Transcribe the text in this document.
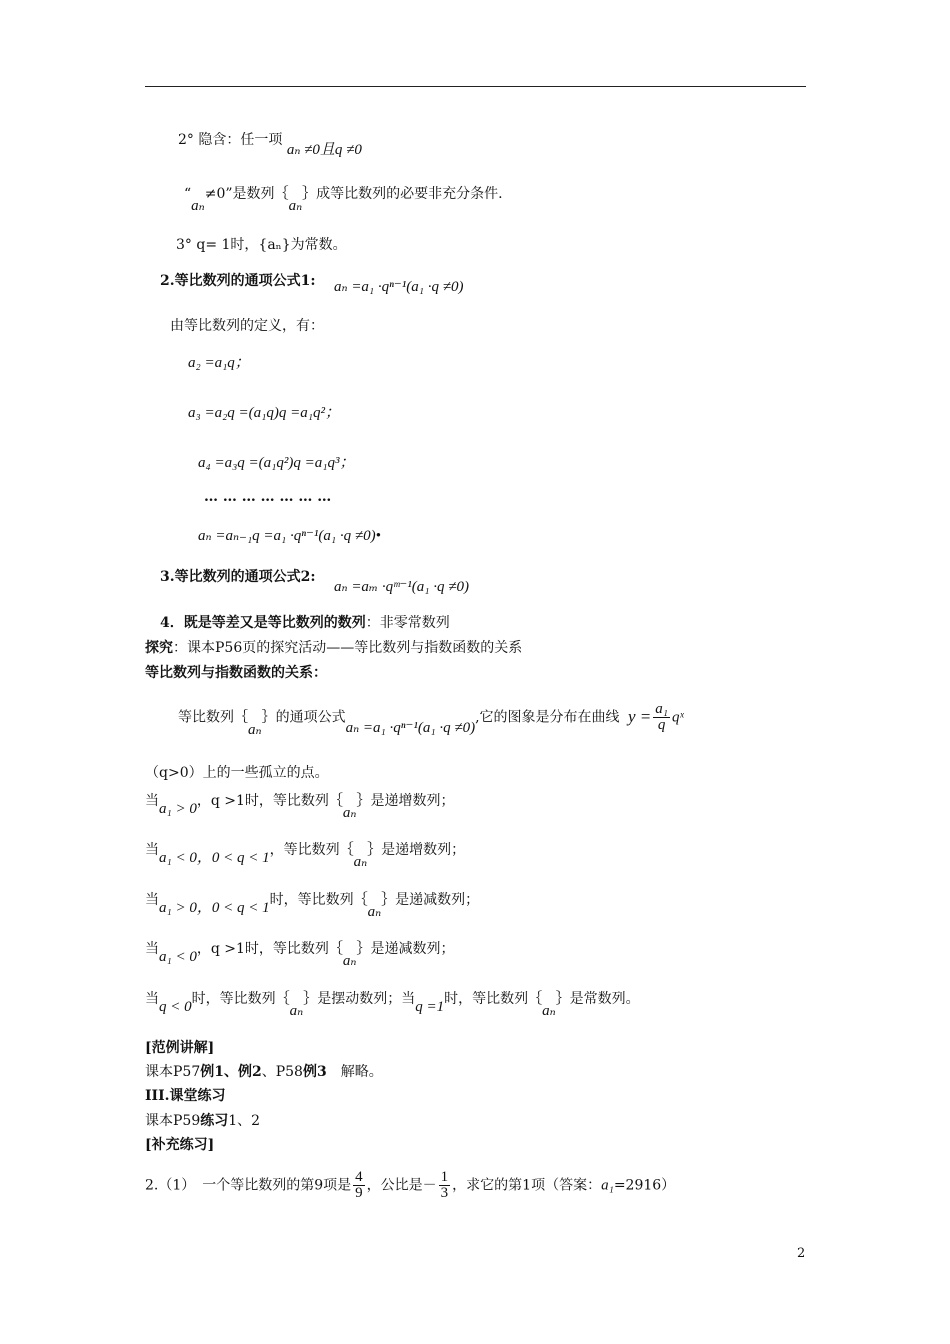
2° 隐含：任一项 aₙ ≠0且q ≠0
“aₙ≠0”是数列｛aₙ｝成等比数列的必要非充分条件.
3° q= 1时，{aₙ}为常数。
2.等比数列的通项公式1: aₙ =a₁ ·qⁿ⁻¹(a₁ ·q ≠0)
由等比数列的定义，有：
a₂ =a₁q；
a₃ =a₂q =(a₁q)q =a₁q²；
a₄ =a₃q =(a₁q²)q =a₁q³；
… … … … … … …
aₙ =aₙ₋₁q =a₁ ·qⁿ⁻¹(a₁ ·q ≠0)•
3.等比数列的通项公式2: aₙ =aₘ ·qᵐ⁻¹(a₁ ·q ≠0)
4．既是等差又是等比数列的数列：非零常数列
探究：课本P56页的探究活动——等比数列与指数函数的关系
等比数列与指数函数的关系：
等比数列｛aₙ｝的通项公式aₙ =a₁ ·qⁿ⁻¹(a₁ ·q ≠0),它的图象是分布在曲线 $y = \frac{\text{a₁}}{q}$ qˣ
（q>0）上的一些孤立的点。
当a₁ > 0，q >1时，等比数列｛aₙ｝是递增数列；
当a₁ < 0，0 < q < 1，等比数列｛aₙ｝是递增数列；
当a₁ > 0，0 < q < 1时，等比数列｛aₙ｝是递减数列；
当a₁ < 0，q >1时，等比数列｛aₙ｝是递减数列；
当q < 0时，等比数列｛aₙ｝是摆动数列；当q =1时，等比数列｛aₙ｝是常数列。
[范例讲解]
课本P57例1、例2、P58例3　解略。
III.课堂练习
课本P59练习1、2
[补充练习]
2.（1）　一个等比数列的第9项是 $\frac{4}{9}$ ，公比是－ $\frac{1}{3}$ ，求它的第1项（答案：a₁=2916）
2
